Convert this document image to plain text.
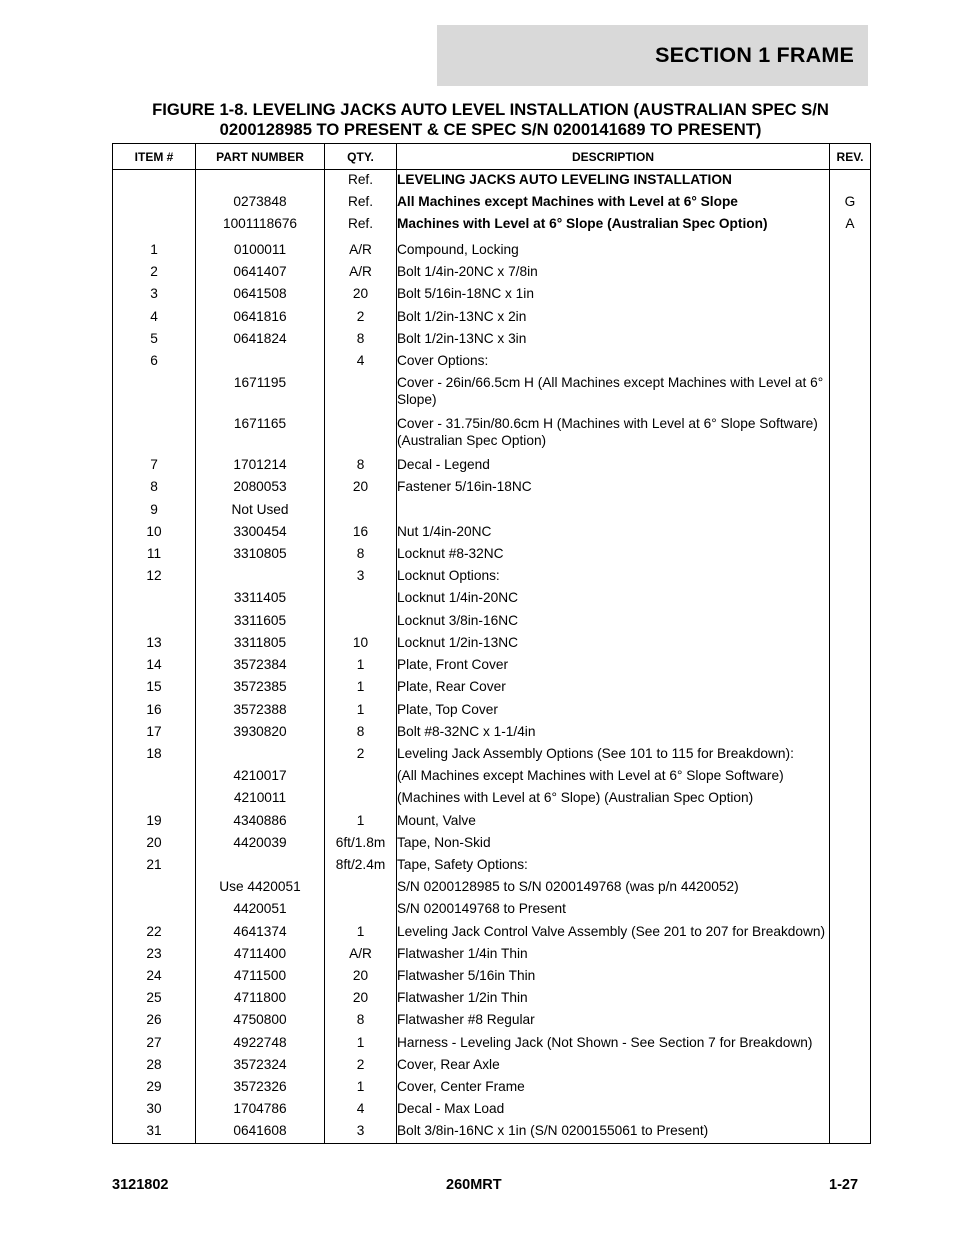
SECTION 1 FRAME
FIGURE 1-8. LEVELING JACKS AUTO LEVEL INSTALLATION (AUSTRALIAN SPEC S/N
0200128985 TO PRESENT & CE SPEC S/N 0200141689 TO PRESENT)
ITEM #	PART NUMBER	QTY.	DESCRIPTION	REV.
		Ref.	LEVELING JACKS AUTO LEVELING INSTALLATION	
	0273848	Ref.	All Machines except Machines with Level at 6° Slope	G
	1001118676	Ref.	Machines with Level at 6° Slope (Australian Spec Option)	A

1	0100011	A/R	Compound, Locking	
2	0641407	A/R	Bolt 1/4in-20NC x 7/8in	
3	0641508	20	Bolt 5/16in-18NC x 1in	
4	0641816	2	Bolt 1/2in-13NC x 2in	
5	0641824	8	Bolt 1/2in-13NC x 3in	
6		4	Cover Options:	
	1671195		Cover - 26in/66.5cm H (All Machines except Machines with Level at 6° Slope)	
	1671165		Cover - 31.75in/80.6cm H (Machines with Level at 6° Slope Software) (Australian Spec Option)	
7	1701214	8	Decal - Legend	
8	2080053	20	Fastener 5/16in-18NC	
9	Not Used			
10	3300454	16	Nut 1/4in-20NC	
11	3310805	8	Locknut #8-32NC	
12		3	Locknut Options:	
	3311405		Locknut 1/4in-20NC	
	3311605		Locknut 3/8in-16NC	
13	3311805	10	Locknut 1/2in-13NC	
14	3572384	1	Plate, Front Cover	
15	3572385	1	Plate, Rear Cover	
16	3572388	1	Plate, Top Cover	
17	3930820	8	Bolt #8-32NC x 1-1/4in	
18		2	Leveling Jack Assembly Options (See 101 to 115 for Breakdown):	
	4210017		(All Machines except Machines with Level at 6° Slope Software)	
	4210011		(Machines with Level at 6° Slope) (Australian Spec Option)	
19	4340886	1	Mount, Valve	
20	4420039	6ft/1.8m	Tape, Non-Skid	
21		8ft/2.4m	Tape, Safety Options:	
	Use 4420051		S/N 0200128985 to S/N 0200149768 (was p/n 4420052)	
	4420051		S/N 0200149768 to Present	
22	4641374	1	Leveling Jack Control Valve Assembly (See 201 to 207 for Breakdown)	
23	4711400	A/R	Flatwasher 1/4in Thin	
24	4711500	20	Flatwasher 5/16in Thin	
25	4711800	20	Flatwasher 1/2in Thin	
26	4750800	8	Flatwasher #8 Regular	
27	4922748	1	Harness - Leveling Jack (Not Shown - See Section 7 for Breakdown)	
28	3572324	2	Cover, Rear Axle	
29	3572326	1	Cover, Center Frame	
30	1704786	4	Decal - Max Load	
31	0641608	3	Bolt 3/8in-16NC x 1in (S/N 0200155061 to Present)	

3121802	260MRT	1-27
